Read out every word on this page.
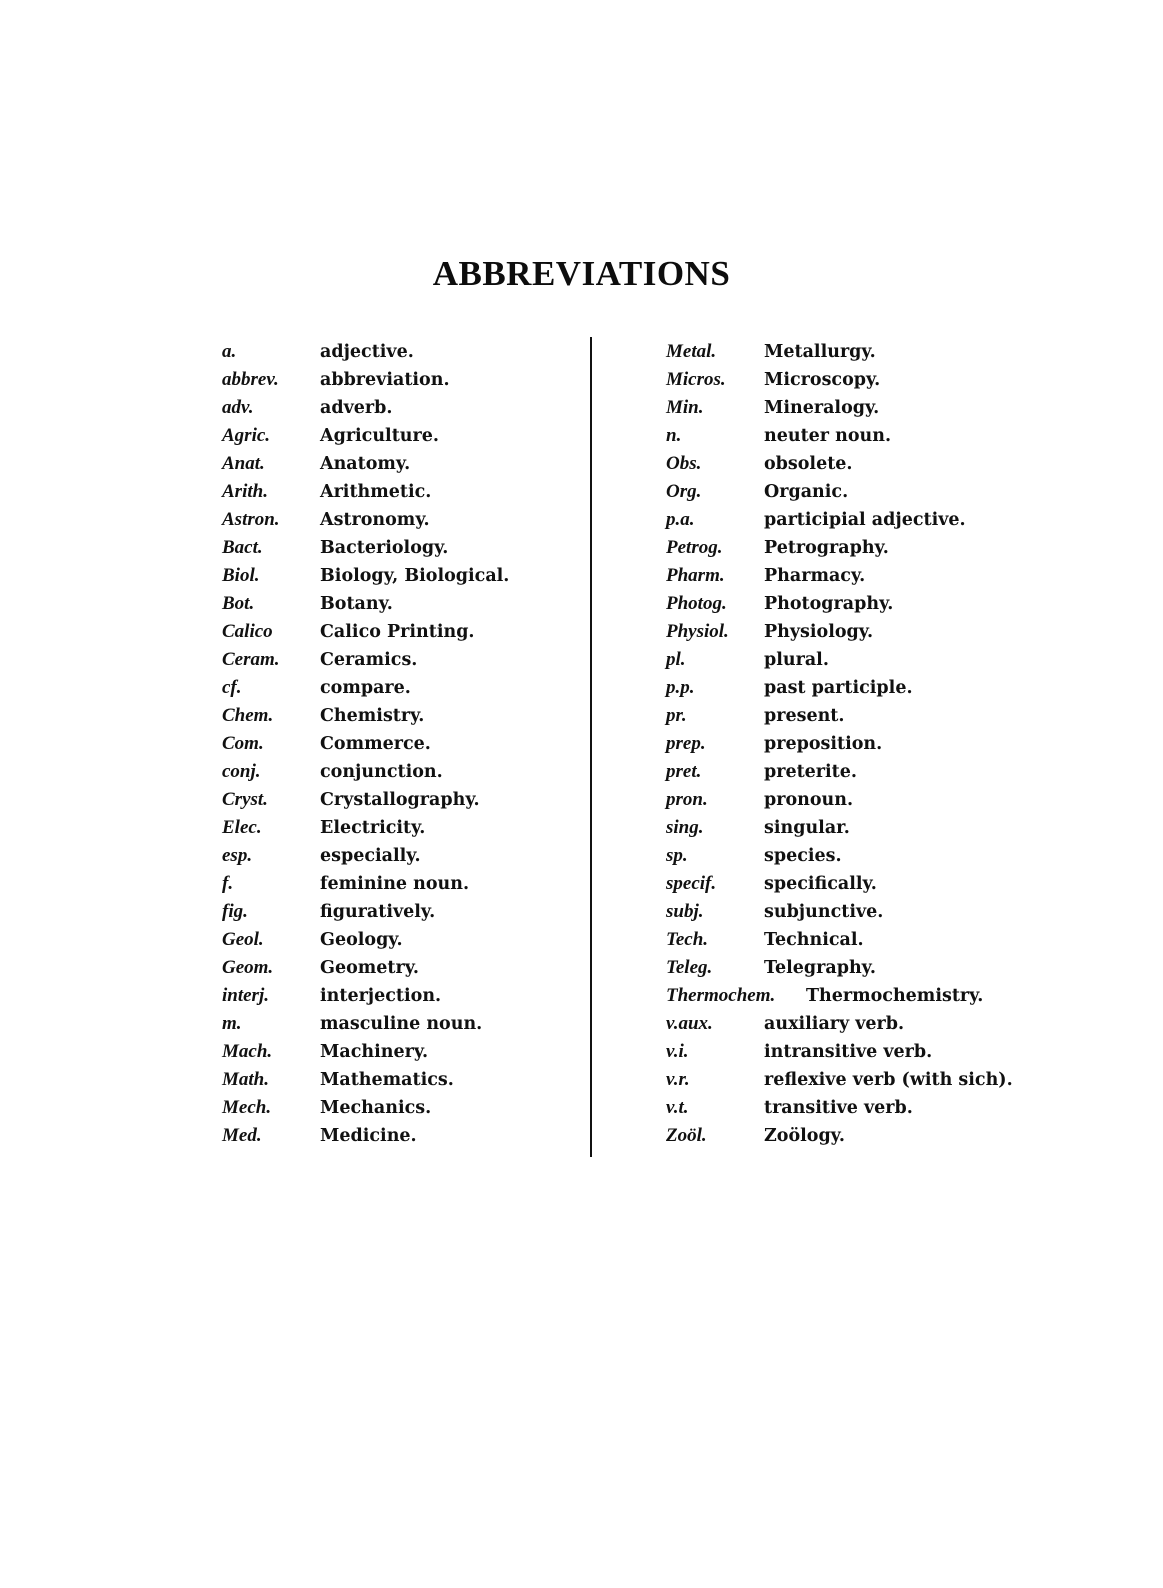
ABBREVIATIONS
a.	adjective.
abbrev. abbreviation.
adv.	adverb.
Agric.	Agriculture.
Anat.	Anatomy.
Arith.	Arithmetic.
Astron. Astronomy.
Bact.	Bacteriology.
Biol.	Biology, Biological.
Bot.	Botany.
Calico	Calico Printing.
Ceram. Ceramics.
cf.	compare.
Chem.	Chemistry.
Com.	Commerce.
conj.	conjunction.
Cryst.	Crystallography.
Elec.	Electricity.
esp.	especially.
f.	feminine noun.
fig.	figuratively.
Geol.	Geology.
Geom.	Geometry.
interj.	interjection.
m.	masculine noun.
Mach.	Machinery.
Math.	Mathematics.
Mech.	Mechanics.
Med.	Medicine.
Metal.	Metallurgy.
Micros. Microscopy.
Min.	Mineralogy.
n.	neuter noun.
Obs.	obsolete.
Org.	Organic.
p.a.	participial adjective.
Petrog. Petrography.
Pharm. Pharmacy.
Photog. Photography.
Physiol. Physiology.
pl.	plural.
p.p.	past participle.
pr.	present.
prep.	preposition.
pret.	preterite.
pron.	pronoun.
sing.	singular.
sp.	species.
specif.	specifically.
subj.	subjunctive.
Tech.	Technical.
Teleg.	Telegraphy.
Thermochem. Thermochemistry.
v.aux.	auxiliary verb.
v.i.	intransitive verb.
v.r.	reflexive verb (with sich).
v.t.	transitive verb.
Zoöl.	Zoölogy.
